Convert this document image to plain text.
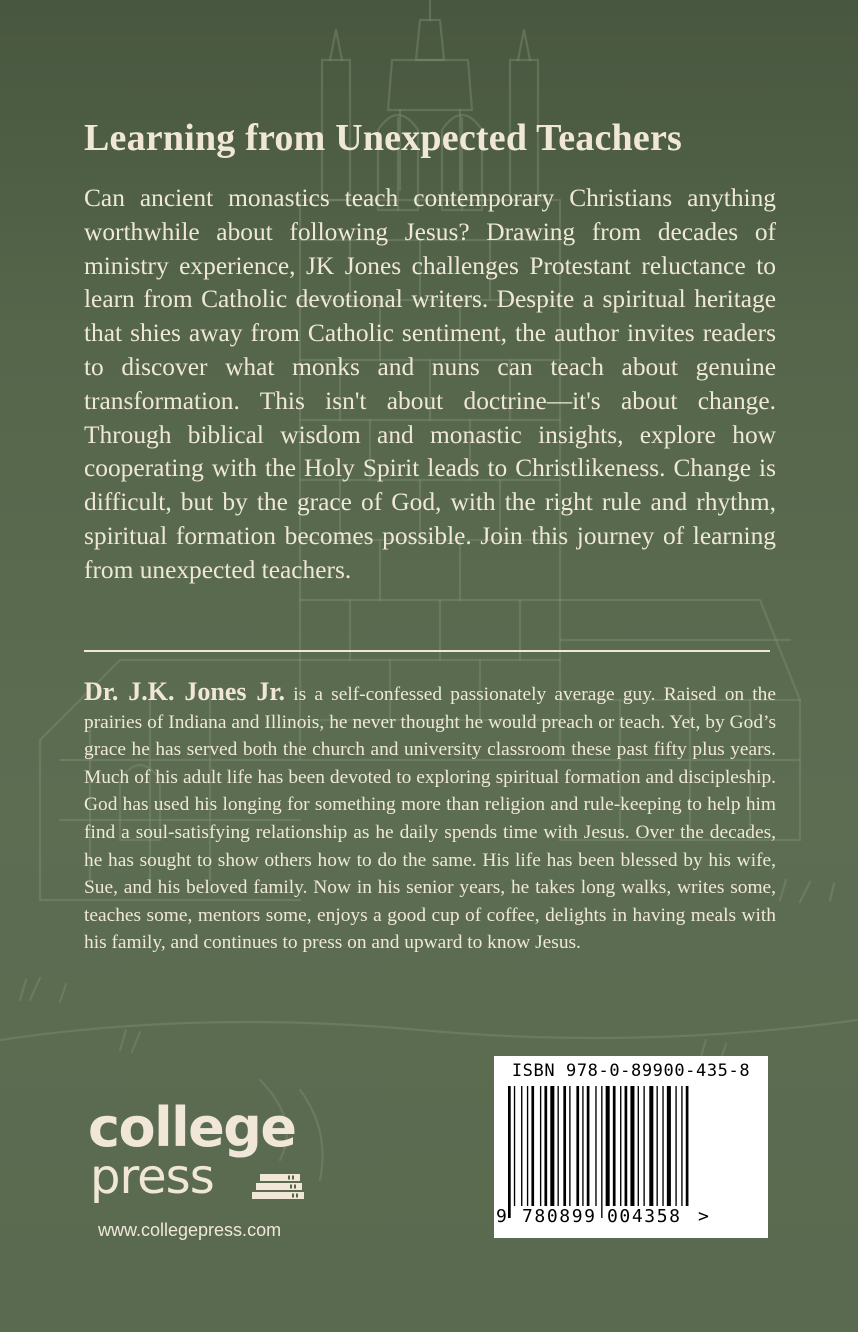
Learning from Unexpected Teachers

Can ancient monastics teach contemporary Christians anything worthwhile about following Jesus? Drawing from decades of ministry experience, JK Jones challenges Protestant reluctance to learn from Catholic devotional writers. Despite a spiritual heritage that shies away from Catholic sentiment, the author invites readers to discover what monks and nuns can teach about genuine transformation. This isn't about doctrine—it's about change. Through biblical wisdom and monastic insights, explore how cooperating with the Holy Spirit leads to Christlikeness. Change is difficult, but by the grace of God, with the right rule and rhythm, spiritual formation becomes possible. Join this journey of learning from unexpected teachers.

Dr. J.K. Jones Jr. is a self-confessed passionately average guy. Raised on the prairies of Indiana and Illinois, he never thought he would preach or teach. Yet, by God’s grace he has served both the church and university classroom these past fifty plus years. Much of his adult life has been devoted to exploring spiritual formation and discipleship. God has used his longing for something more than religion and rule-keeping to help him find a soul-satisfying relationship as he daily spends time with Jesus. Over the decades, he has sought to show others how to do the same. His life has been blessed by his wife, Sue, and his beloved family. Now in his senior years, he takes long walks, writes some, teaches some, mentors some, enjoys a good cup of coffee, delights in having meals with his family, and continues to press on and upward to know Jesus.

college

press

www.collegepress.com

ISBN 978-0-89900-435-8
9 780899 004358 >
